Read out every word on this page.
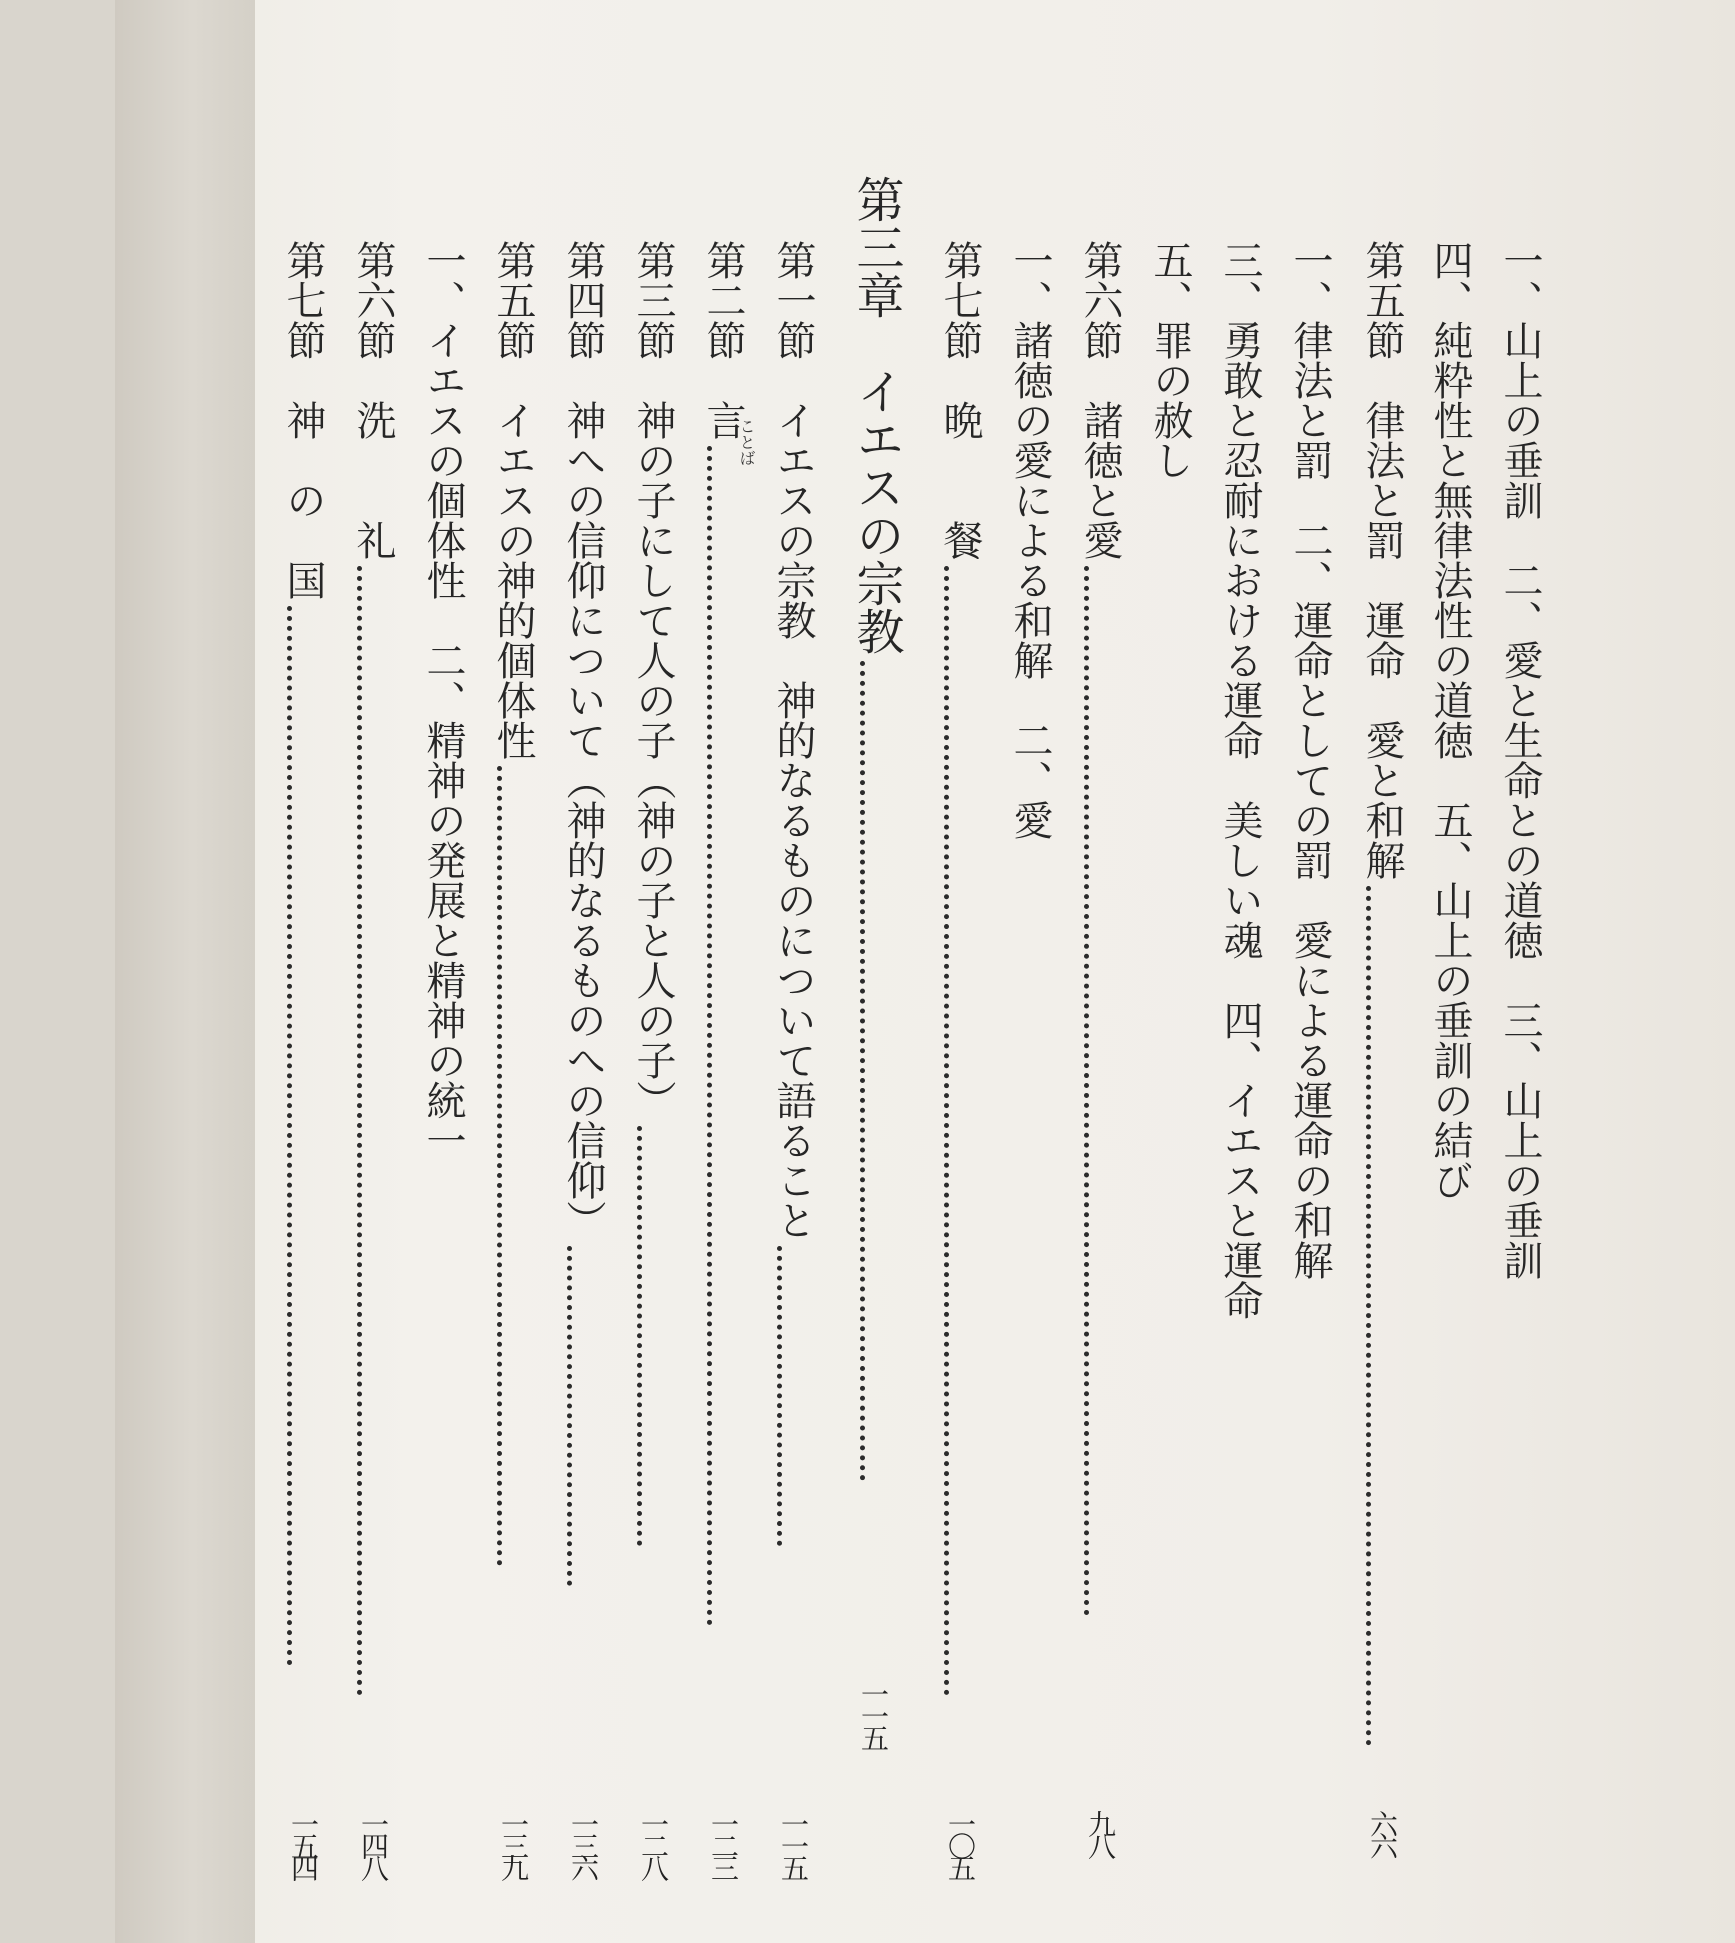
一、山上の垂訓　二、愛と生命との道徳　三、山上の垂訓
四、純粋性と無律法性の道徳　五、山上の垂訓の結び
第五節　律法と罰　運命　愛と和解
六六
一、律法と罰　二、運命としての罰　愛による運命の和解
三、勇敢と忍耐における運命　美しい魂　四、イエスと運命
五、罪の赦し
第六節　諸徳と愛
九八
一、諸徳の愛による和解　二、愛
第七節　晩　　餐
一〇五
第三章　イエスの宗教
一一五
第一節　イエスの宗教　神的なるものについて語ること
一一五
第二節　言
一二三
ことば
第三節　神の子にして人の子（神の子と人の子）
一二八
第四節　神への信仰について（神的なるものへの信仰）
一三六
第五節　イエスの神的個体性
一三九
一、イエスの個体性　二、精神の発展と精神の統一
第六節　洗　　礼
一四八
第七節　神　の　国
一五四
